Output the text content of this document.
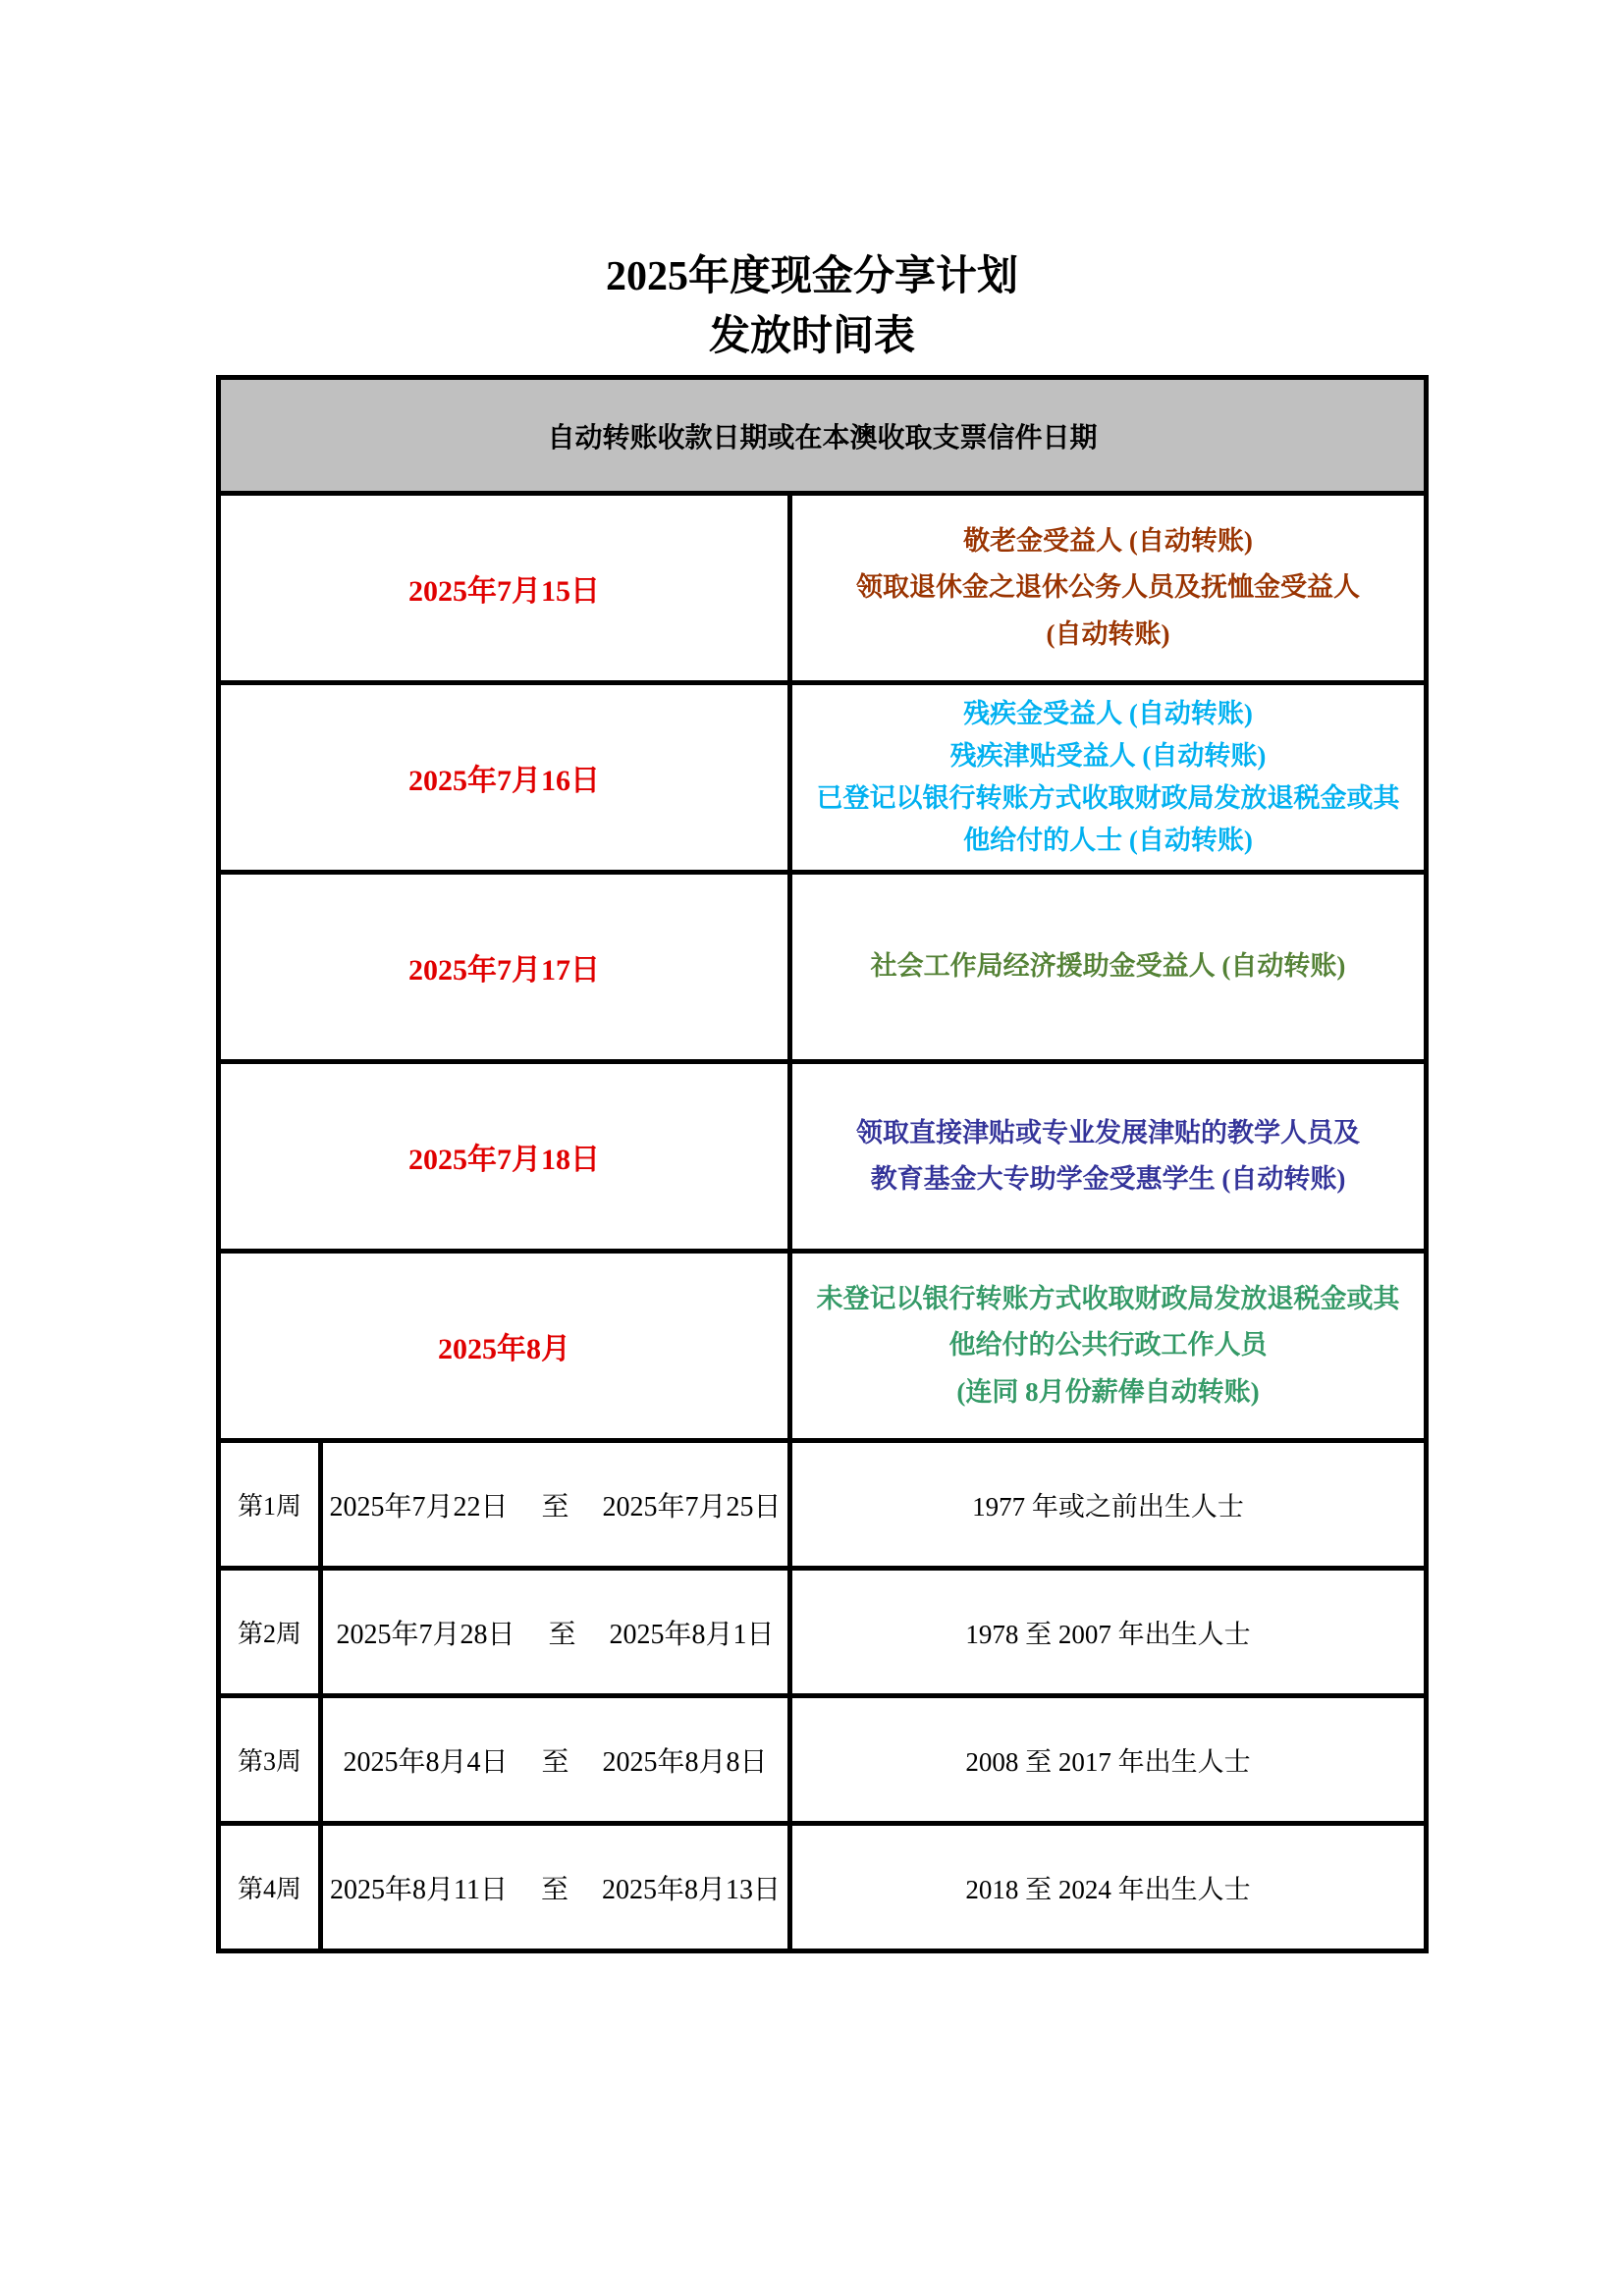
2025年度现金分享计划
发放时间表
自动转账收款日期或在本澳收取支票信件日期		
2025年7月15日		敬老金受益人 (自动转账)
领取退休金之退休公务人员及抚恤金受益人
(自动转账)

2025年7月16日		残疾金受益人 (自动转账)
残疾津贴受益人 (自动转账)
已登记以银行转账方式收取财政局发放退税金或其
他给付的人士 (自动转账)

2025年7月17日		社会工作局经济援助金受益人 (自动转账)

2025年7月18日		领取直接津贴或专业发展津贴的教学人员及
教育基金大专助学金受惠学生 (自动转账)

2025年8月		未登记以银行转账方式收取财政局发放退税金或其
他给付的公共行政工作人员
(连同 8月份薪俸自动转账)

第1周	2025年7月22日 至 2025年7月25日	1977 年或之前出生人士
第2周	2025年7月28日 至 2025年8月1日	1978 至 2007 年出生人士
第3周	2025年8月4日 至 2025年8月8日	2008 至 2017 年出生人士
第4周	2025年8月11日 至 2025年8月13日	2018 至 2024 年出生人士
